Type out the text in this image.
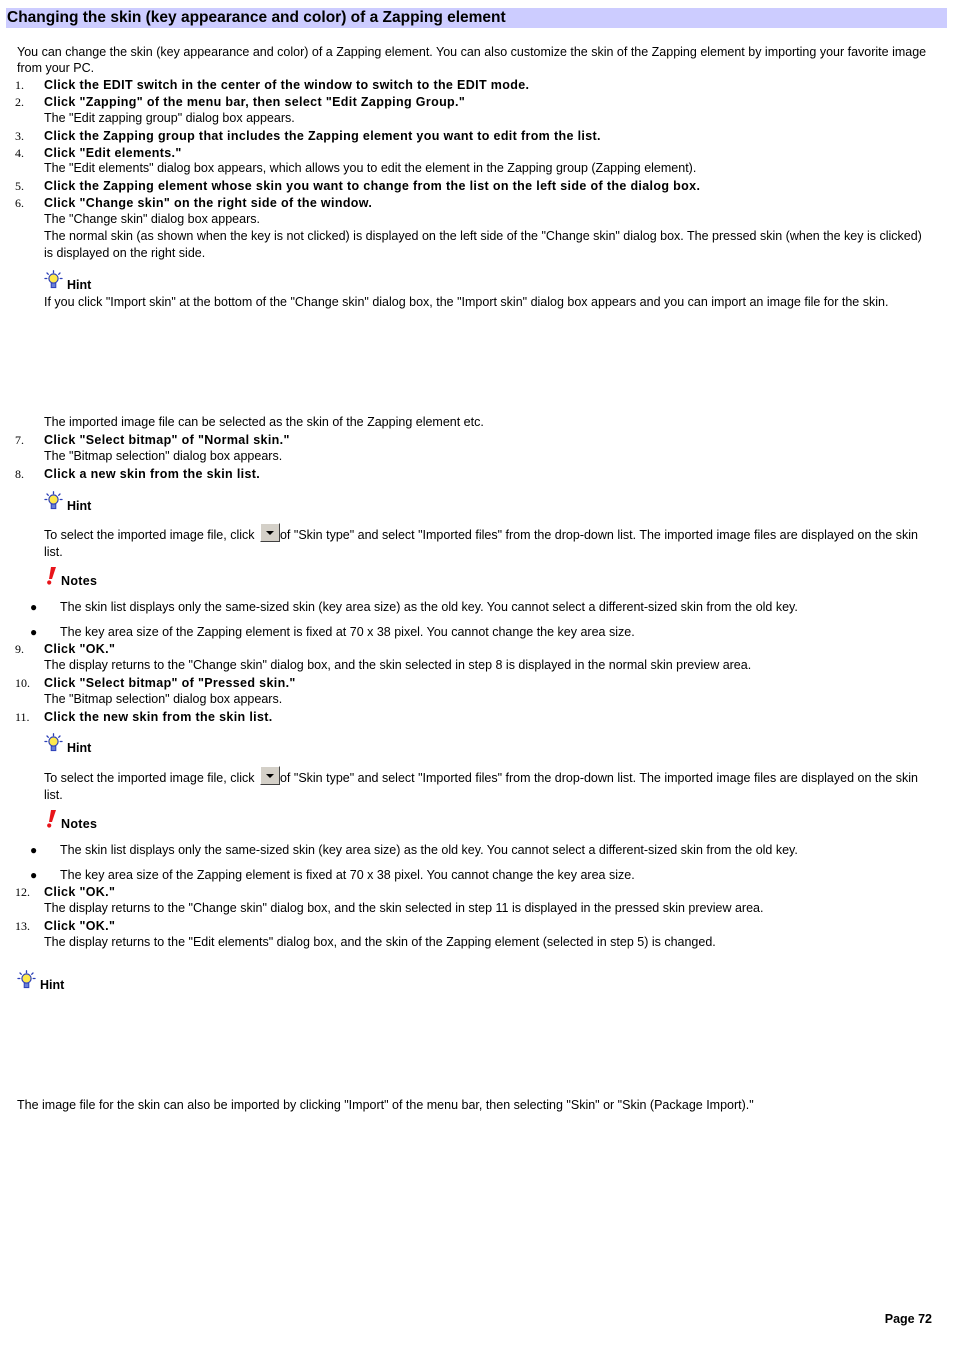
Changing the skin (key appearance and color) of a Zapping element
You can change the skin (key appearance and color) of a Zapping element. You can also customize the skin of the Zapping element by importing your favorite image from your PC.
1. Click the EDIT switch in the center of the window to switch to the EDIT mode.
2. Click "Zapping" of the menu bar, then select "Edit Zapping Group."
The "Edit zapping group" dialog box appears.
3. Click the Zapping group that includes the Zapping element you want to edit from the list.
4. Click "Edit elements."
The "Edit elements" dialog box appears, which allows you to edit the element in the Zapping group (Zapping element).
5. Click the Zapping element whose skin you want to change from the list on the left side of the dialog box.
6. Click "Change skin" on the right side of the window.
The "Change skin" dialog box appears.
The normal skin (as shown when the key is not clicked) is displayed on the left side of the "Change skin" dialog box. The pressed skin (when the key is clicked) is displayed on the right side.
Hint
If you click "Import skin" at the bottom of the "Change skin" dialog box, the "Import skin" dialog box appears and you can import an image file for the skin.
The imported image file can be selected as the skin of the Zapping element etc.
7. Click "Select bitmap" of "Normal skin."
The "Bitmap selection" dialog box appears.
8. Click a new skin from the skin list.
Hint
To select the imported image file, click of "Skin type" and select "Imported files" from the drop-down list. The imported image files are displayed on the skin list.
Notes
● The skin list displays only the same-sized skin (key area size) as the old key. You cannot select a different-sized skin from the old key.
● The key area size of the Zapping element is fixed at 70 x 38 pixel. You cannot change the key area size.
9. Click "OK."
The display returns to the "Change skin" dialog box, and the skin selected in step 8 is displayed in the normal skin preview area.
10. Click "Select bitmap" of "Pressed skin."
The "Bitmap selection" dialog box appears.
11. Click the new skin from the skin list.
Hint
To select the imported image file, click of "Skin type" and select "Imported files" from the drop-down list. The imported image files are displayed on the skin list.
Notes
● The skin list displays only the same-sized skin (key area size) as the old key. You cannot select a different-sized skin from the old key.
● The key area size of the Zapping element is fixed at 70 x 38 pixel. You cannot change the key area size.
12. Click "OK."
The display returns to the "Change skin" dialog box, and the skin selected in step 11 is displayed in the pressed skin preview area.
13. Click "OK."
The display returns to the "Edit elements" dialog box, and the skin of the Zapping element (selected in step 5) is changed.
Hint
The image file for the skin can also be imported by clicking "Import" of the menu bar, then selecting "Skin" or "Skin (Package Import)."
Page 72
